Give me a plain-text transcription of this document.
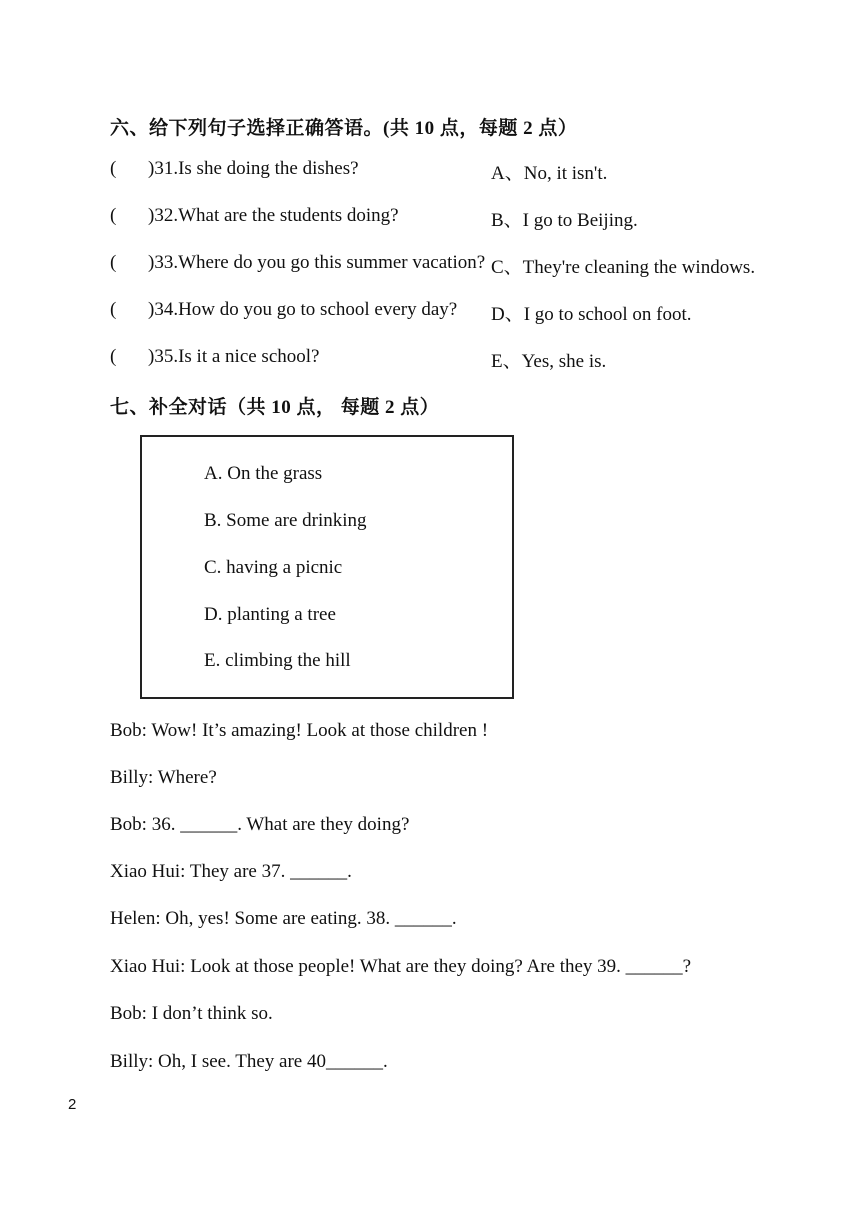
六、给下列句子选择正确答语。(共 10 点，每题 2 点）
( )31.Is she doing the dishes?
( )32.What are the students doing?
( )33.Where do you go this summer vacation?
( )34.How do you go to school every day?
( )35.Is it a nice school?
A、No, it isn't.
B、I go to Beijing.
C、They're cleaning the windows.
D、I go to school on foot.
E、Yes, she is.
七、补全对话（共 10 点， 每题 2 点）
A. On the grass
B. Some are drinking
C. having a picnic
D. planting a tree
E. climbing the hill
Bob: Wow! It’s amazing! Look at those children !
Billy: Where?
Bob: 36. ______. What are they doing?
Xiao Hui: They are 37. ______.
Helen: Oh, yes! Some are eating. 38. ______.
Xiao Hui: Look at those people! What are they doing? Are they 39. ______?
Bob: I don’t think so.
Billy: Oh, I see. They are 40______.
2
